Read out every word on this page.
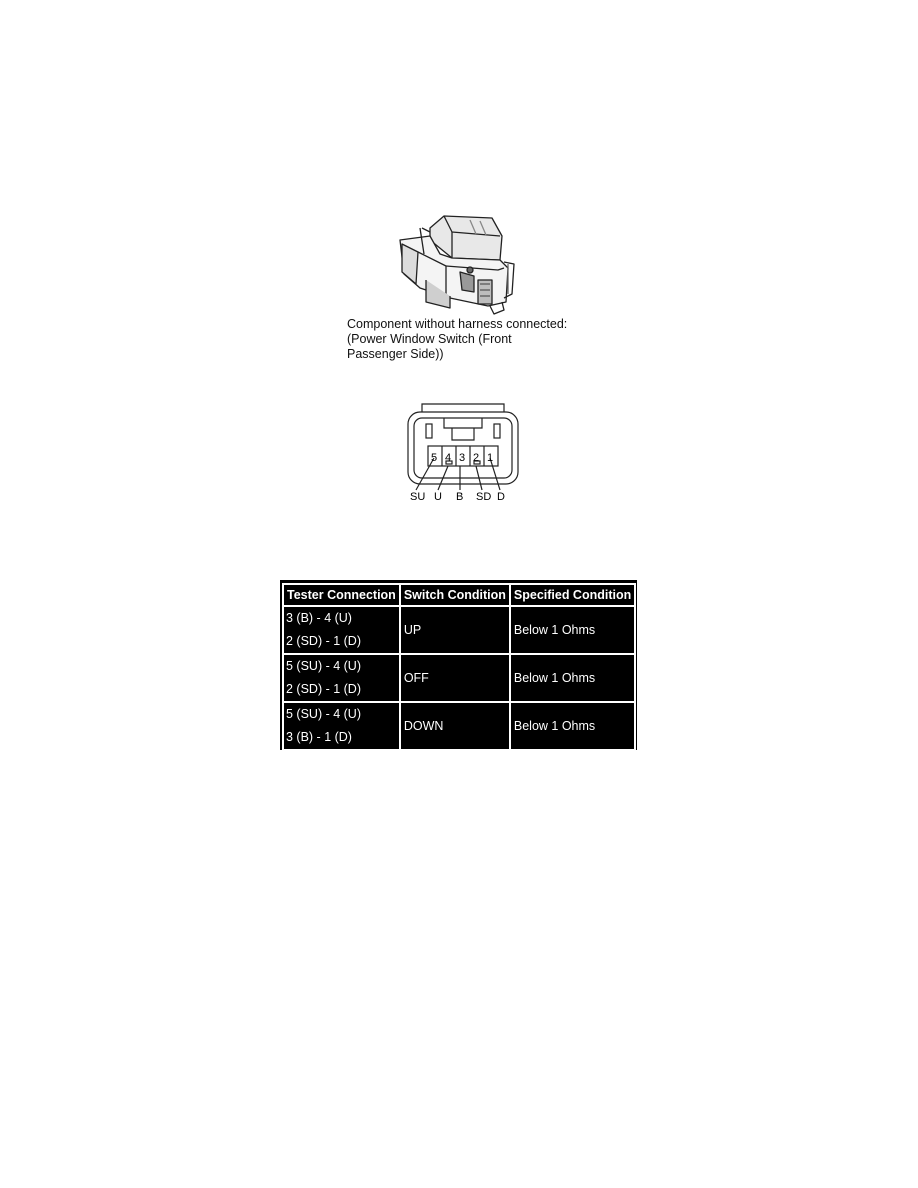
Component without harness connected:
(Power Window Switch (Front
Passenger Side))
5 4 3 2 1
SU U B SD D
Tester Connection	Switch Condition	Specified Condition

3 (B) - 4 (U)
2 (SD) - 1 (D)	UP	Below 1 Ohms

5 (SU) - 4 (U)
2 (SD) - 1 (D)	OFF	Below 1 Ohms

5 (SU) - 4 (U)
3 (B) - 1 (D)	DOWN	Below 1 Ohms
